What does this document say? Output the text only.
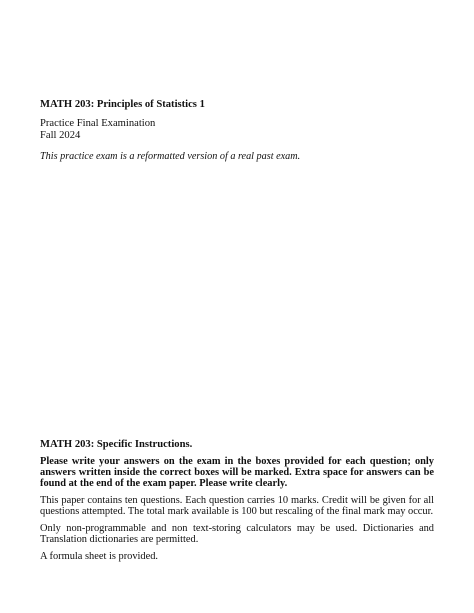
MATH 203: Principles of Statistics 1
Practice Final Examination
Fall 2024
This practice exam is a reformatted version of a real past exam.
MATH 203: Specific Instructions.

Please write your answers on the exam in the boxes provided for each question; only answers written inside the correct boxes will be marked. Extra space for answers can be found at the end of the exam paper. Please write clearly.

This paper contains ten questions. Each question carries 10 marks. Credit will be given for all questions attempted. The total mark available is 100 but rescaling of the final mark may occur.

Only non-programmable and non text-storing calculators may be used. Dictionaries and Translation dictionaries are permitted.

A formula sheet is provided.
